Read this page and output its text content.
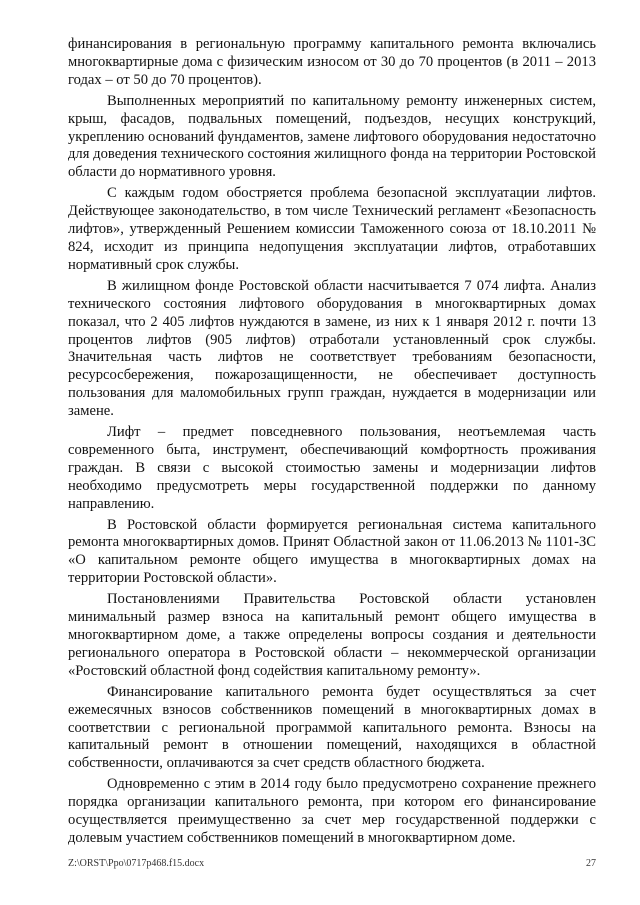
финансирования в региональную программу капитального ремонта включались многоквартирные дома с физическим износом от 30 до 70 процентов (в 2011 – 2013 годах – от 50 до 70 процентов).

Выполненных мероприятий по капитальному ремонту инженерных систем, крыш, фасадов, подвальных помещений, подъездов, несущих конструкций, укреплению оснований фундаментов, замене лифтового оборудования недостаточно для доведения технического состояния жилищного фонда на территории Ростовской области до нормативного уровня.

С каждым годом обостряется проблема безопасной эксплуатации лифтов. Действующее законодательство, в том числе Технический регламент «Безопасность лифтов», утвержденный Решением комиссии Таможенного союза от 18.10.2011 № 824, исходит из принципа недопущения эксплуатации лифтов, отработавших нормативный срок службы.

В жилищном фонде Ростовской области насчитывается 7 074 лифта. Анализ технического состояния лифтового оборудования в многоквартирных домах показал, что 2 405 лифтов нуждаются в замене, из них к 1 января 2012 г. почти 13 процентов лифтов (905 лифтов) отработали установленный срок службы. Значительная часть лифтов не соответствует требованиям безопасности, ресурсосбережения, пожарозащищенности, не обеспечивает доступность пользования для маломобильных групп граждан, нуждается в модернизации или замене.

Лифт – предмет повседневного пользования, неотъемлемая часть современного быта, инструмент, обеспечивающий комфортность проживания граждан. В связи с высокой стоимостью замены и модернизации лифтов необходимо предусмотреть меры государственной поддержки по данному направлению.

В Ростовской области формируется региональная система капитального ремонта многоквартирных домов. Принят Областной закон от 11.06.2013 № 1101-ЗС «О капитальном ремонте общего имущества в многоквартирных домах на территории Ростовской области».

Постановлениями Правительства Ростовской области установлен минимальный размер взноса на капитальный ремонт общего имущества в многоквартирном доме, а также определены вопросы создания и деятельности регионального оператора в Ростовской области – некоммерческой организации «Ростовский областной фонд содействия капитальному ремонту».

Финансирование капитального ремонта будет осуществляться за счет ежемесячных взносов собственников помещений в многоквартирных домах в соответствии с региональной программой капитального ремонта. Взносы на капитальный ремонт в отношении помещений, находящихся в областной собственности, оплачиваются за счет средств областного бюджета.

Одновременно с этим в 2014 году было предусмотрено сохранение прежнего порядка организации капитального ремонта, при котором его финансирование осуществляется преимущественно за счет мер государственной поддержки с долевым участием собственников помещений в многоквартирном доме.

Z:\ORST\Ppo\0717p468.f15.docx	27
